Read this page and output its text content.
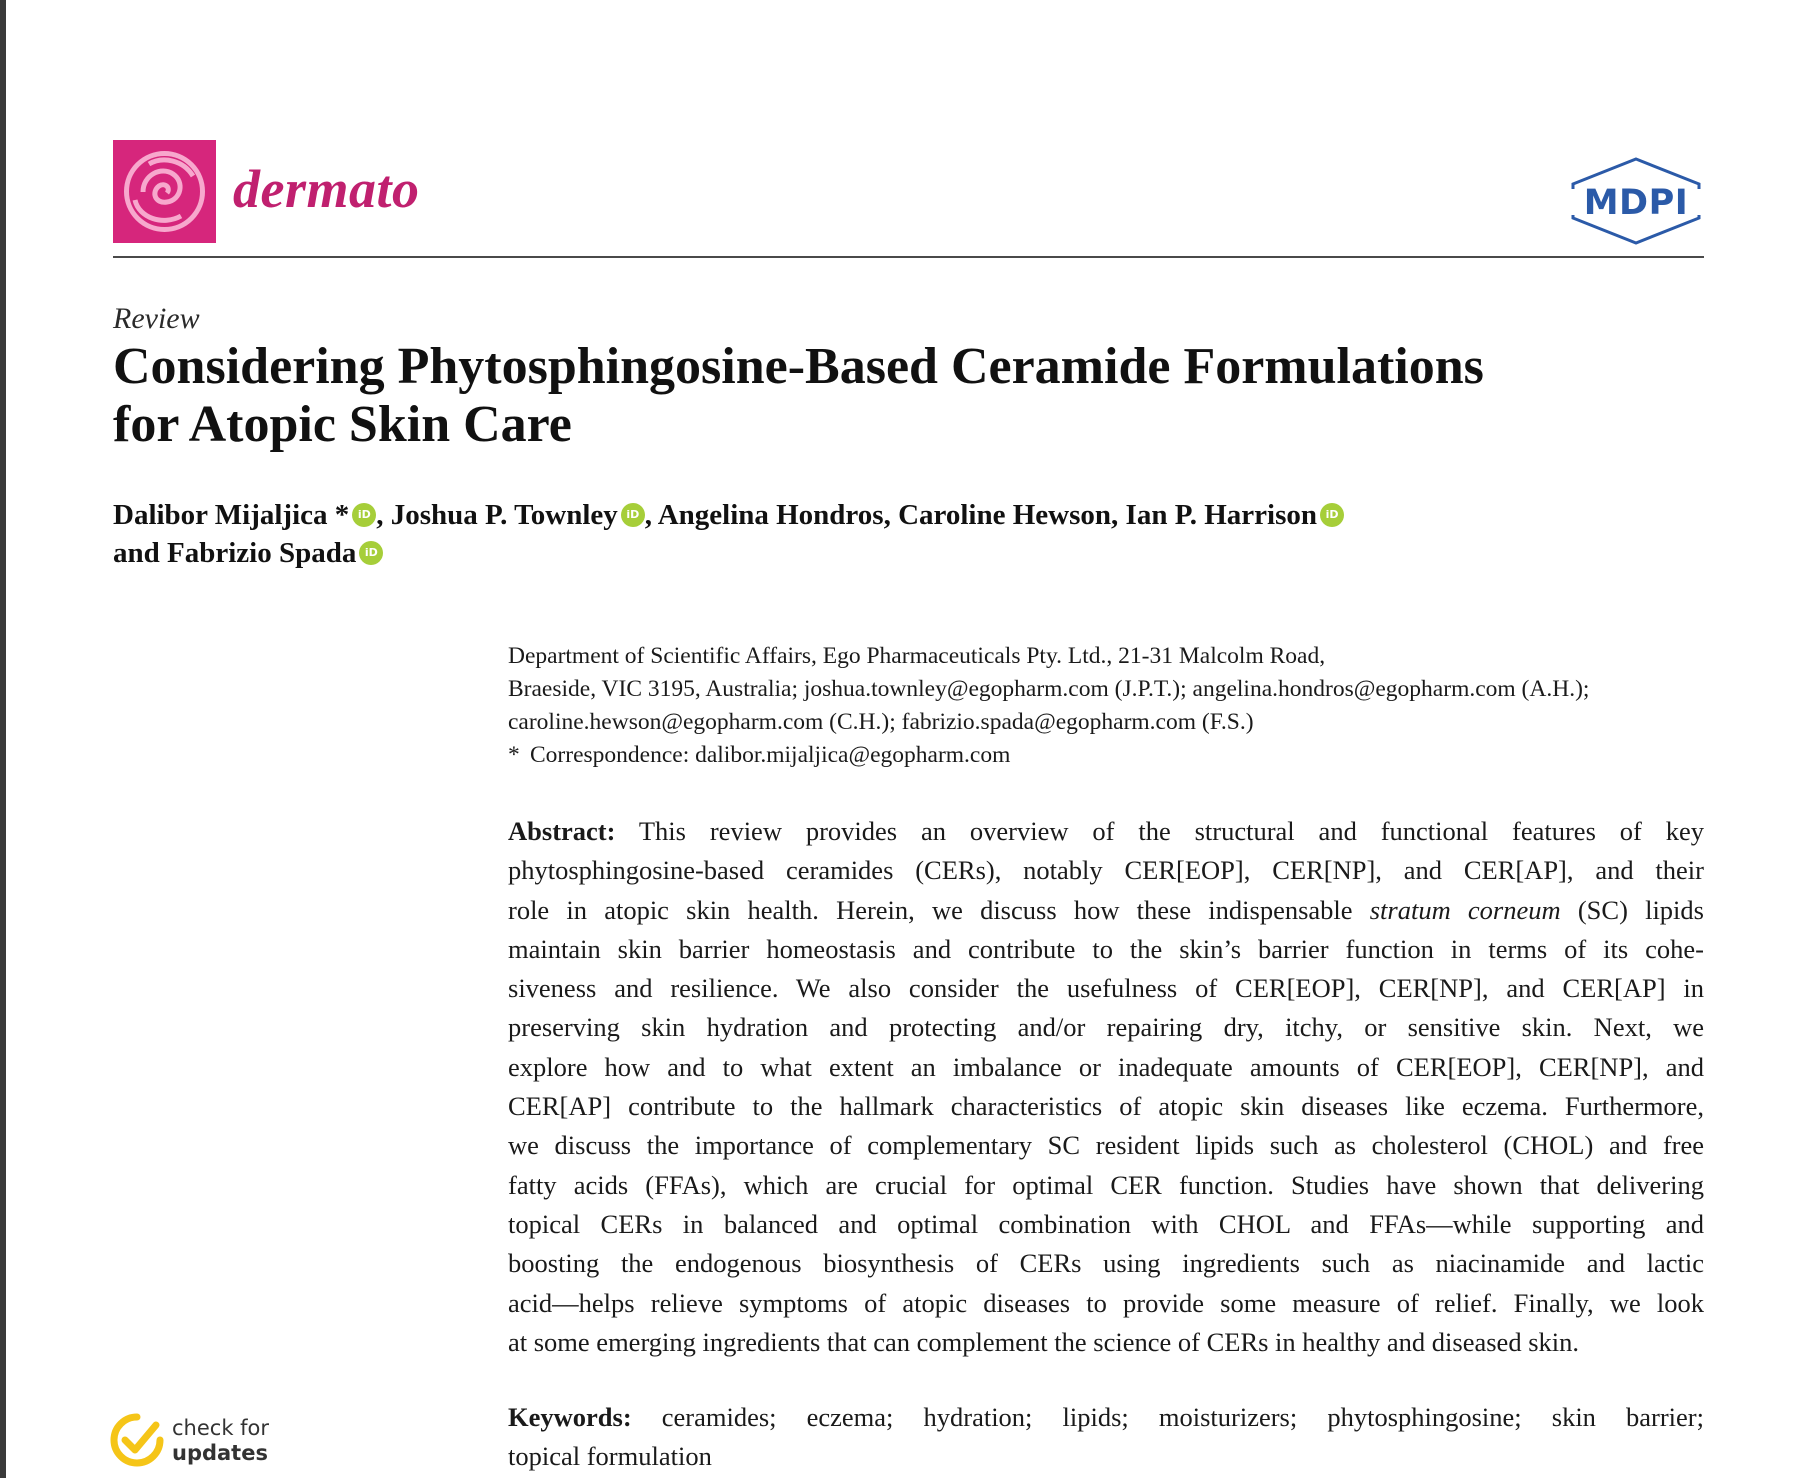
dermato	MDPI
Review
Considering Phytosphingosine-Based Ceramide Formulations
for Atopic Skin Care
Dalibor Mijaljica * iD , Joshua P. Townley iD , Angelina Hondros, Caroline Hewson, Ian P. Harrison iD
and Fabrizio Spada iD
Department of Scientific Affairs, Ego Pharmaceuticals Pty. Ltd., 21-31 Malcolm Road,
Braeside, VIC 3195, Australia; joshua.townley@egopharm.com (J.P.T.); angelina.hondros@egopharm.com (A.H.);
caroline.hewson@egopharm.com (C.H.); fabrizio.spada@egopharm.com (F.S.)
* Correspondence: dalibor.mijaljica@egopharm.com
Abstract: This review provides an overview of the structural and functional features of key
phytosphingosine-based ceramides (CERs), notably CER[EOP], CER[NP], and CER[AP], and their
role in atopic skin health. Herein, we discuss how these indispensable stratum corneum (SC) lipids
maintain skin barrier homeostasis and contribute to the skin’s barrier function in terms of its cohe-
siveness and resilience. We also consider the usefulness of CER[EOP], CER[NP], and CER[AP] in
preserving skin hydration and protecting and/or repairing dry, itchy, or sensitive skin. Next, we
explore how and to what extent an imbalance or inadequate amounts of CER[EOP], CER[NP], and
CER[AP] contribute to the hallmark characteristics of atopic skin diseases like eczema. Furthermore,
we discuss the importance of complementary SC resident lipids such as cholesterol (CHOL) and free
fatty acids (FFAs), which are crucial for optimal CER function. Studies have shown that delivering
topical CERs in balanced and optimal combination with CHOL and FFAs—while supporting and
boosting the endogenous biosynthesis of CERs using ingredients such as niacinamide and lactic
acid—helps relieve symptoms of atopic diseases to provide some measure of relief. Finally, we look
at some emerging ingredients that can complement the science of CERs in healthy and diseased skin.
Keywords: ceramides; eczema; hydration; lipids; moisturizers; phytosphingosine; skin barrier;
topical formulation
check for
updates
